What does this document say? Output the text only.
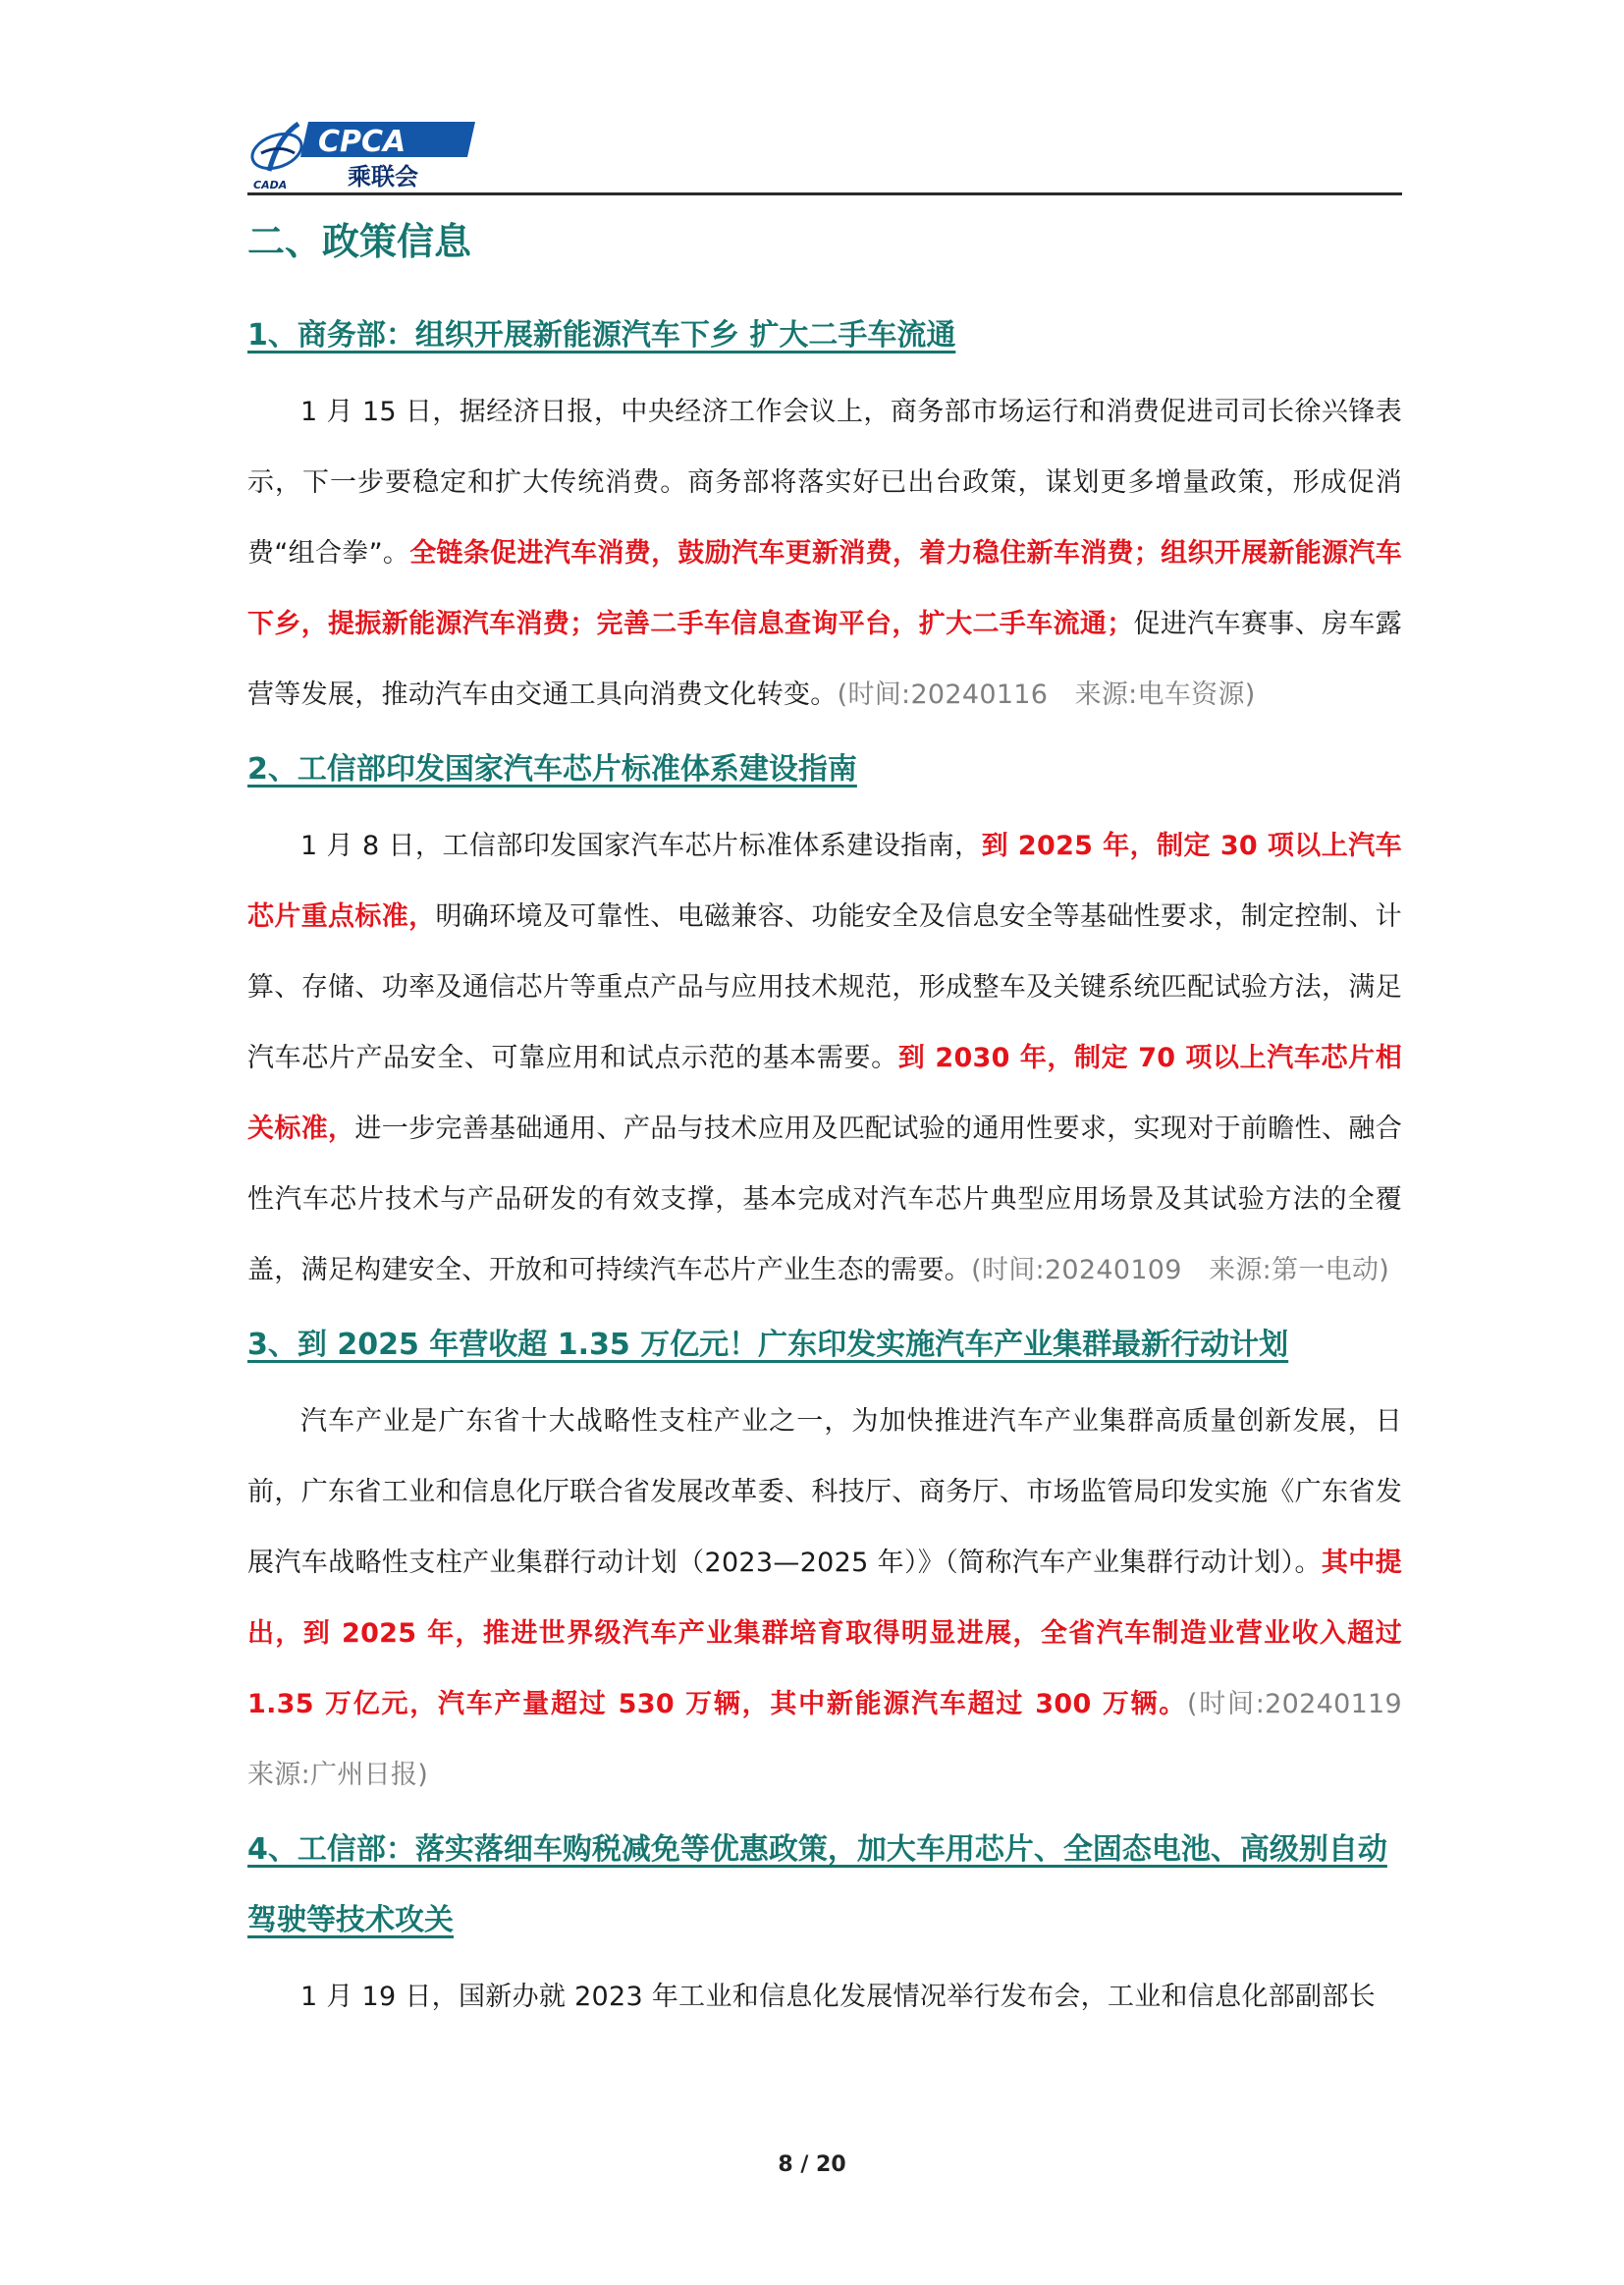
CADA
CPCA
乘联会
二、政策信息
1、商务部：组织开展新能源汽车下乡 扩大二手车流通

1 月 15 日，据经济日报，中央经济工作会议上，商务部市场运行和消费促进司司长徐兴锋表示，下一步要稳定和扩大传统消费。商务部将落实好已出台政策，谋划更多增量政策，形成促消费“组合拳”。全链条促进汽车消费，鼓励汽车更新消费，着力稳住新车消费；组织开展新能源汽车下乡，提振新能源汽车消费；完善二手车信息查询平台，扩大二手车流通；促进汽车赛事、房车露营等发展，推动汽车由交通工具向消费文化转变。(时间:20240116　来源:电车资源)

2、工信部印发国家汽车芯片标准体系建设指南

1 月 8 日，工信部印发国家汽车芯片标准体系建设指南，到 2025 年，制定 30 项以上汽车芯片重点标准，明确环境及可靠性、电磁兼容、功能安全及信息安全等基础性要求，制定控制、计算、存储、功率及通信芯片等重点产品与应用技术规范，形成整车及关键系统匹配试验方法，满足汽车芯片产品安全、可靠应用和试点示范的基本需要。到 2030 年，制定 70 项以上汽车芯片相关标准，进一步完善基础通用、产品与技术应用及匹配试验的通用性要求，实现对于前瞻性、融合性汽车芯片技术与产品研发的有效支撑，基本完成对汽车芯片典型应用场景及其试验方法的全覆盖，满足构建安全、开放和可持续汽车芯片产业生态的需要。(时间:20240109　来源:第一电动)

3、到 2025 年营收超 1.35 万亿元！广东印发实施汽车产业集群最新行动计划

汽车产业是广东省十大战略性支柱产业之一，为加快推进汽车产业集群高质量创新发展，日前，广东省工业和信息化厅联合省发展改革委、科技厅、商务厅、市场监管局印发实施《广东省发展汽车战略性支柱产业集群行动计划（2023—2025 年）》（简称汽车产业集群行动计划）。其中提出，到 2025 年，推进世界级汽车产业集群培育取得明显进展，全省汽车制造业营业收入超过 1.35 万亿元，汽车产量超过 530 万辆，其中新能源汽车超过 300 万辆。(时间:20240119　来源:广州日报)

4、工信部：落实落细车购税减免等优惠政策，加大车用芯片、全固态电池、高级别自动驾驶等技术攻关

1 月 19 日，国新办就 2023 年工业和信息化发展情况举行发布会，工业和信息化部副部长

8 / 20
